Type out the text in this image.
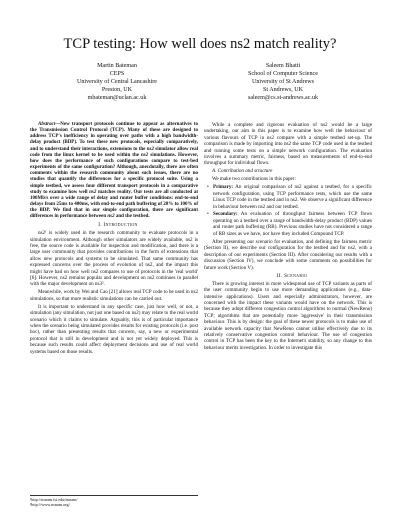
TCP testing: How well does ns2 match reality?
Martin Bateman
CEPS
University of Central Lancashire
Preston, UK
mbateman@uclan.ac.uk
Saleem Bhatti
School of Computer Science
University of St Andrews
St Andrews, UK
saleem@cs.st-andrews.ac.uk

Abstract—New transport protocols continue to appear as alternatives to the Transmission Control Protocol (TCP). Many of these are designed to address TCP's inefficiency in operating over paths with a high bandwidth-delay product (BDP). To test these new protocols, especially comparatively, and to understand their interactions, extensions to the ns2 simulator allow real code from the linux kernel to be used within the ns2 simulations. However, how does the performance of such configurations compare to test-bed experiments of the same configuration? Although, anecdotally, there are often comments within the research community about such issues, there are no studies that quantify the differences for a specific protocol suite. Using a simple testbed, we assess four different transport protocols in a comparative study to examine how well ns2 matches reality. Our tests are all conducted at 100Mb/s over a wide range of delay and router buffer conditions: end-to-end delays from 25ms to 400ms, with end-to-end path buffering of 20% to 100% of the BDP. We find that in our simple configuration, there are significant differences in performance between ns2 and the testbed.

I. Introduction

ns2¹ is widely used in the research community to evaluate protocols in a simulation environment. Although other simulators are widely available, ns2 is free, the source code is available for inspection and modification, and there is a large user community that provides contributions in the form of extensions that allow new protocols and systems to be simulated. That same community has expressed concerns over the process of evolution of ns2, and the impact this might have had on how well ns2 compares to use of protocols in the 'real world' [6]. However, ns2 remains popular and development on ns2 continues in parallel with the major development on ns3².

Meanwhile, work by Wei and Cao [21] allows real TCP code to be used in ns2 simulations, so that more realistic simulations can be carried out.

It is important to understand in any specific case, just how well, or not, a simulation (any simulation, not just one based on ns2) may relate to the real world scenario which it claims to simulate. Arguably, this is of particular importance when the scenario being simulated provides results for existing protocols (i.e. post hoc), rather than presenting results that concern, say, a new or experimental protocol that is still in development and is not yet widely deployed. This is because such results could affect deployment decisions and use of real world systems based on those results.

¹http://nsnam.isi.edu/nsnam/
²http://www.nsnam.org/

While a complete and rigorous evaluation of ns2 would be a large undertaking, our aim in this paper is to examine how well the behaviour of various flavours of TCP in ns2 compare with a simple testbed set-up. The comparison is made by importing into ns2 the same TCP code used in the testbed and running some tests on a simple network configuration. The evaluation involves a summary metric, fairness, based on measurements of end-to-end throughput for individual flows.

A. Contribution and structure

We make two contributions in this paper:

• Primary: An original comparison of ns2 against a testbed, for a specific network configuration, using TCP performance tests, which use the same Linux TCP code in the testbed and in ns2. We observe a significant difference in behaviour between ns2 and our testbed.
• Secondary: An evaluation of throughput fairness between TCP flows operating on a testbed over a range of bandwidth-delay product (BDP) values and router path buffering (RB). Previous studies have not considered a range of RB sizes as we have, nor have they included Compound TCP.

After presenting our scenario for evaluation, and defining the fairness metric (Section II), we describe our configuration for the testbed and for ns2, with a description of our experiments (Section III). After considering our results with a discussion (Section IV), we conclude with some comments on possibilities for future work (Section V).

II. Scenario

There is growing interest in more widespread use of TCP variants as parts of the user community begin to use more demanding applications (e.g., data-intensive applications). Users and especially administrators, however, are concerned with the impact these variants would have on the network. This is because they adopt different congestion control algorithms to normal (NewReno) TCP; algorithms that are potentially more 'aggressive' in their transmission behaviour. This is by design: the goal of these newer protocols is to make use of available network capacity that NewReno cannot utilise effectively due to its relatively conservative congestion control behaviour. The use of congestion control in TCP has been the key to the Internet's stability, so any change to this behaviour merits investigation. In order to investigate this
